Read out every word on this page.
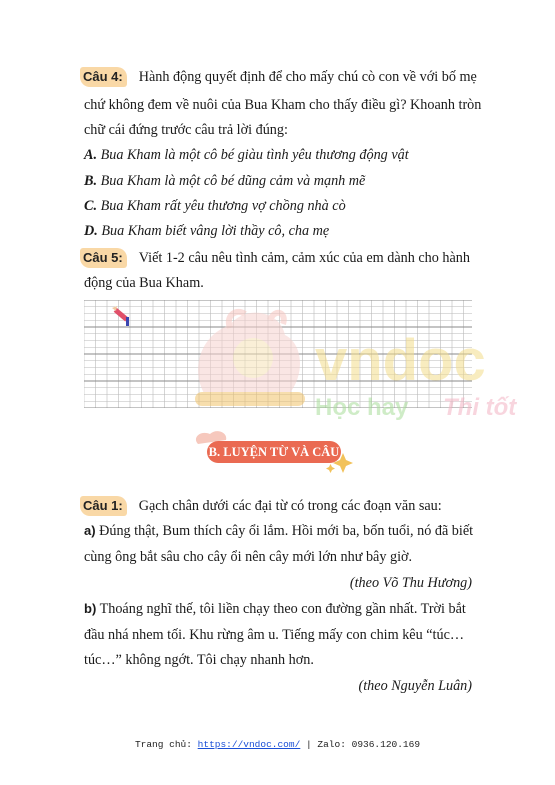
Câu 4: Hành động quyết định để cho mấy chú cò con về với bố mẹ
chứ không đem về nuôi của Bua Kham cho thấy điều gì? Khoanh tròn
chữ cái đứng trước câu trả lời đúng:
A. Bua Kham là một cô bé giàu tình yêu thương động vật
B. Bua Kham là một cô bé dũng cảm và mạnh mẽ
C. Bua Kham rất yêu thương vợ chồng nhà cò
D. Bua Kham biết vâng lời thầy cô, cha mẹ
Câu 5: Viết 1-2 câu nêu tình cảm, cảm xúc của em dành cho hành
động của Bua Kham.
vndoc
Học hay Thi tốt
B. LUYỆN TỪ VÀ CÂU
Câu 1: Gạch chân dưới các đại từ có trong các đoạn văn sau:
a) Đúng thật, Bum thích cây ổi lắm. Hồi mới ba, bốn tuổi, nó đã biết
cùng ông bắt sâu cho cây ổi nên cây mới lớn như bây giờ.
(theo Võ Thu Hương)
b) Thoáng nghĩ thế, tôi liền chạy theo con đường gần nhất. Trời bắt
đầu nhá nhem tối. Khu rừng âm u. Tiếng mấy con chim kêu “túc…
túc…” không ngớt. Tôi chạy nhanh hơn.
(theo Nguyễn Luân)
Trang chủ: https://vndoc.com/ | Zalo: 0936.120.169
